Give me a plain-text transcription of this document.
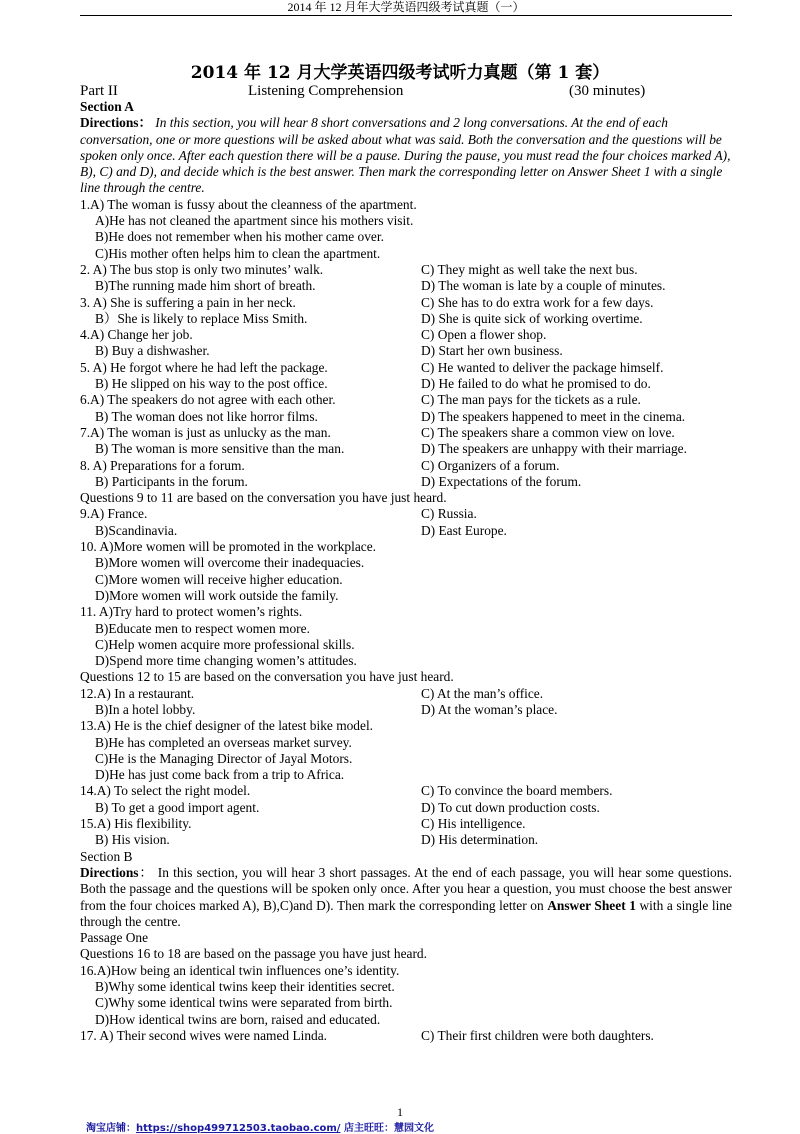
2014 年 12 月年大学英语四级考试真题（一）
2014 年 12 月大学英语四级考试听力真题（第 1 套）
Part II	Listening Comprehension	(30 minutes)
Section A
Directions： In this section, you will hear 8 short conversations and 2 long conversations. At the end of each conversation, one or more questions will be asked about what was said. Both the conversation and the questions will be spoken only once. After each question there will be a pause. During the pause, you must read the four choices marked A), B), C) and D), and decide which is the best answer. Then mark the corresponding letter on Answer Sheet 1 with a single line through the centre.
1.A) The woman is fussy about the cleanness of the apartment.
A)He has not cleaned the apartment since his mothers visit.
B)He does not remember when his mother came over.
C)His mother often helps him to clean the apartment.
2. A) The bus stop is only two minutes’ walk.	C) They might as well take the next bus.
B)The running made him short of breath.	D) The woman is late by a couple of minutes.
3. A) She is suffering a pain in her neck.	C) She has to do extra work for a few days.
B）She is likely to replace Miss Smith.	D) She is quite sick of working overtime.
4.A) Change her job.	C) Open a flower shop.
B) Buy a dishwasher.	D) Start her own business.
5. A) He forgot where he had left the package.	C) He wanted to deliver the package himself.
B) He slipped on his way to the post office.	D) He failed to do what he promised to do.
6.A) The speakers do not agree with each other.	C) The man pays for the tickets as a rule.
B) The woman does not like horror films.	D) The speakers happened to meet in the cinema.
7.A) The woman is just as unlucky as the man.	C) The speakers share a common view on love.
B) The woman is more sensitive than the man.	D) The speakers are unhappy with their marriage.
8. A) Preparations for a forum.	C) Organizers of a forum.
B) Participants in the forum.	D) Expectations of the forum.
Questions 9 to 11 are based on the conversation you have just heard.
9.A) France.	C) Russia.
B)Scandinavia.	D) East Europe.
10. A)More women will be promoted in the workplace.
B)More women will overcome their inadequacies.
C)More women will receive higher education.
D)More women will work outside the family.
11. A)Try hard to protect women’s rights.
B)Educate men to respect women more.
C)Help women acquire more professional skills.
D)Spend more time changing women’s attitudes.
Questions 12 to 15 are based on the conversation you have just heard.
12.A) In a restaurant.	C) At the man’s office.
B)In a hotel lobby.	D) At the woman’s place.
13.A) He is the chief designer of the latest bike model.
B)He has completed an overseas market survey.
C)He is the Managing Director of Jayal Motors.
D)He has just come back from a trip to Africa.
14.A) To select the right model.	C) To convince the board members.
B) To get a good import agent.	D) To cut down production costs.
15.A) His flexibility.	C) His intelligence.
B) His vision.	D) His determination.
Section B
Directions： In this section, you will hear 3 short passages. At the end of each passage, you will hear some questions. Both the passage and the questions will be spoken only once. After you hear a question, you must choose the best answer from the four choices marked A), B),C)and D). Then mark the corresponding letter on Answer Sheet 1 with a single line through the centre.
Passage One
Questions 16 to 18 are based on the passage you have just heard.
16.A)How being an identical twin influences one’s identity.
B)Why some identical twins keep their identities secret.
C)Why some identical twins were separated from birth.
D)How identical twins are born, raised and educated.
17. A) Their second wives were named Linda.	C) Their first children were both daughters.
1
淘宝店铺：https://shop499712503.taobao.com/ 店主旺旺：慧园文化
